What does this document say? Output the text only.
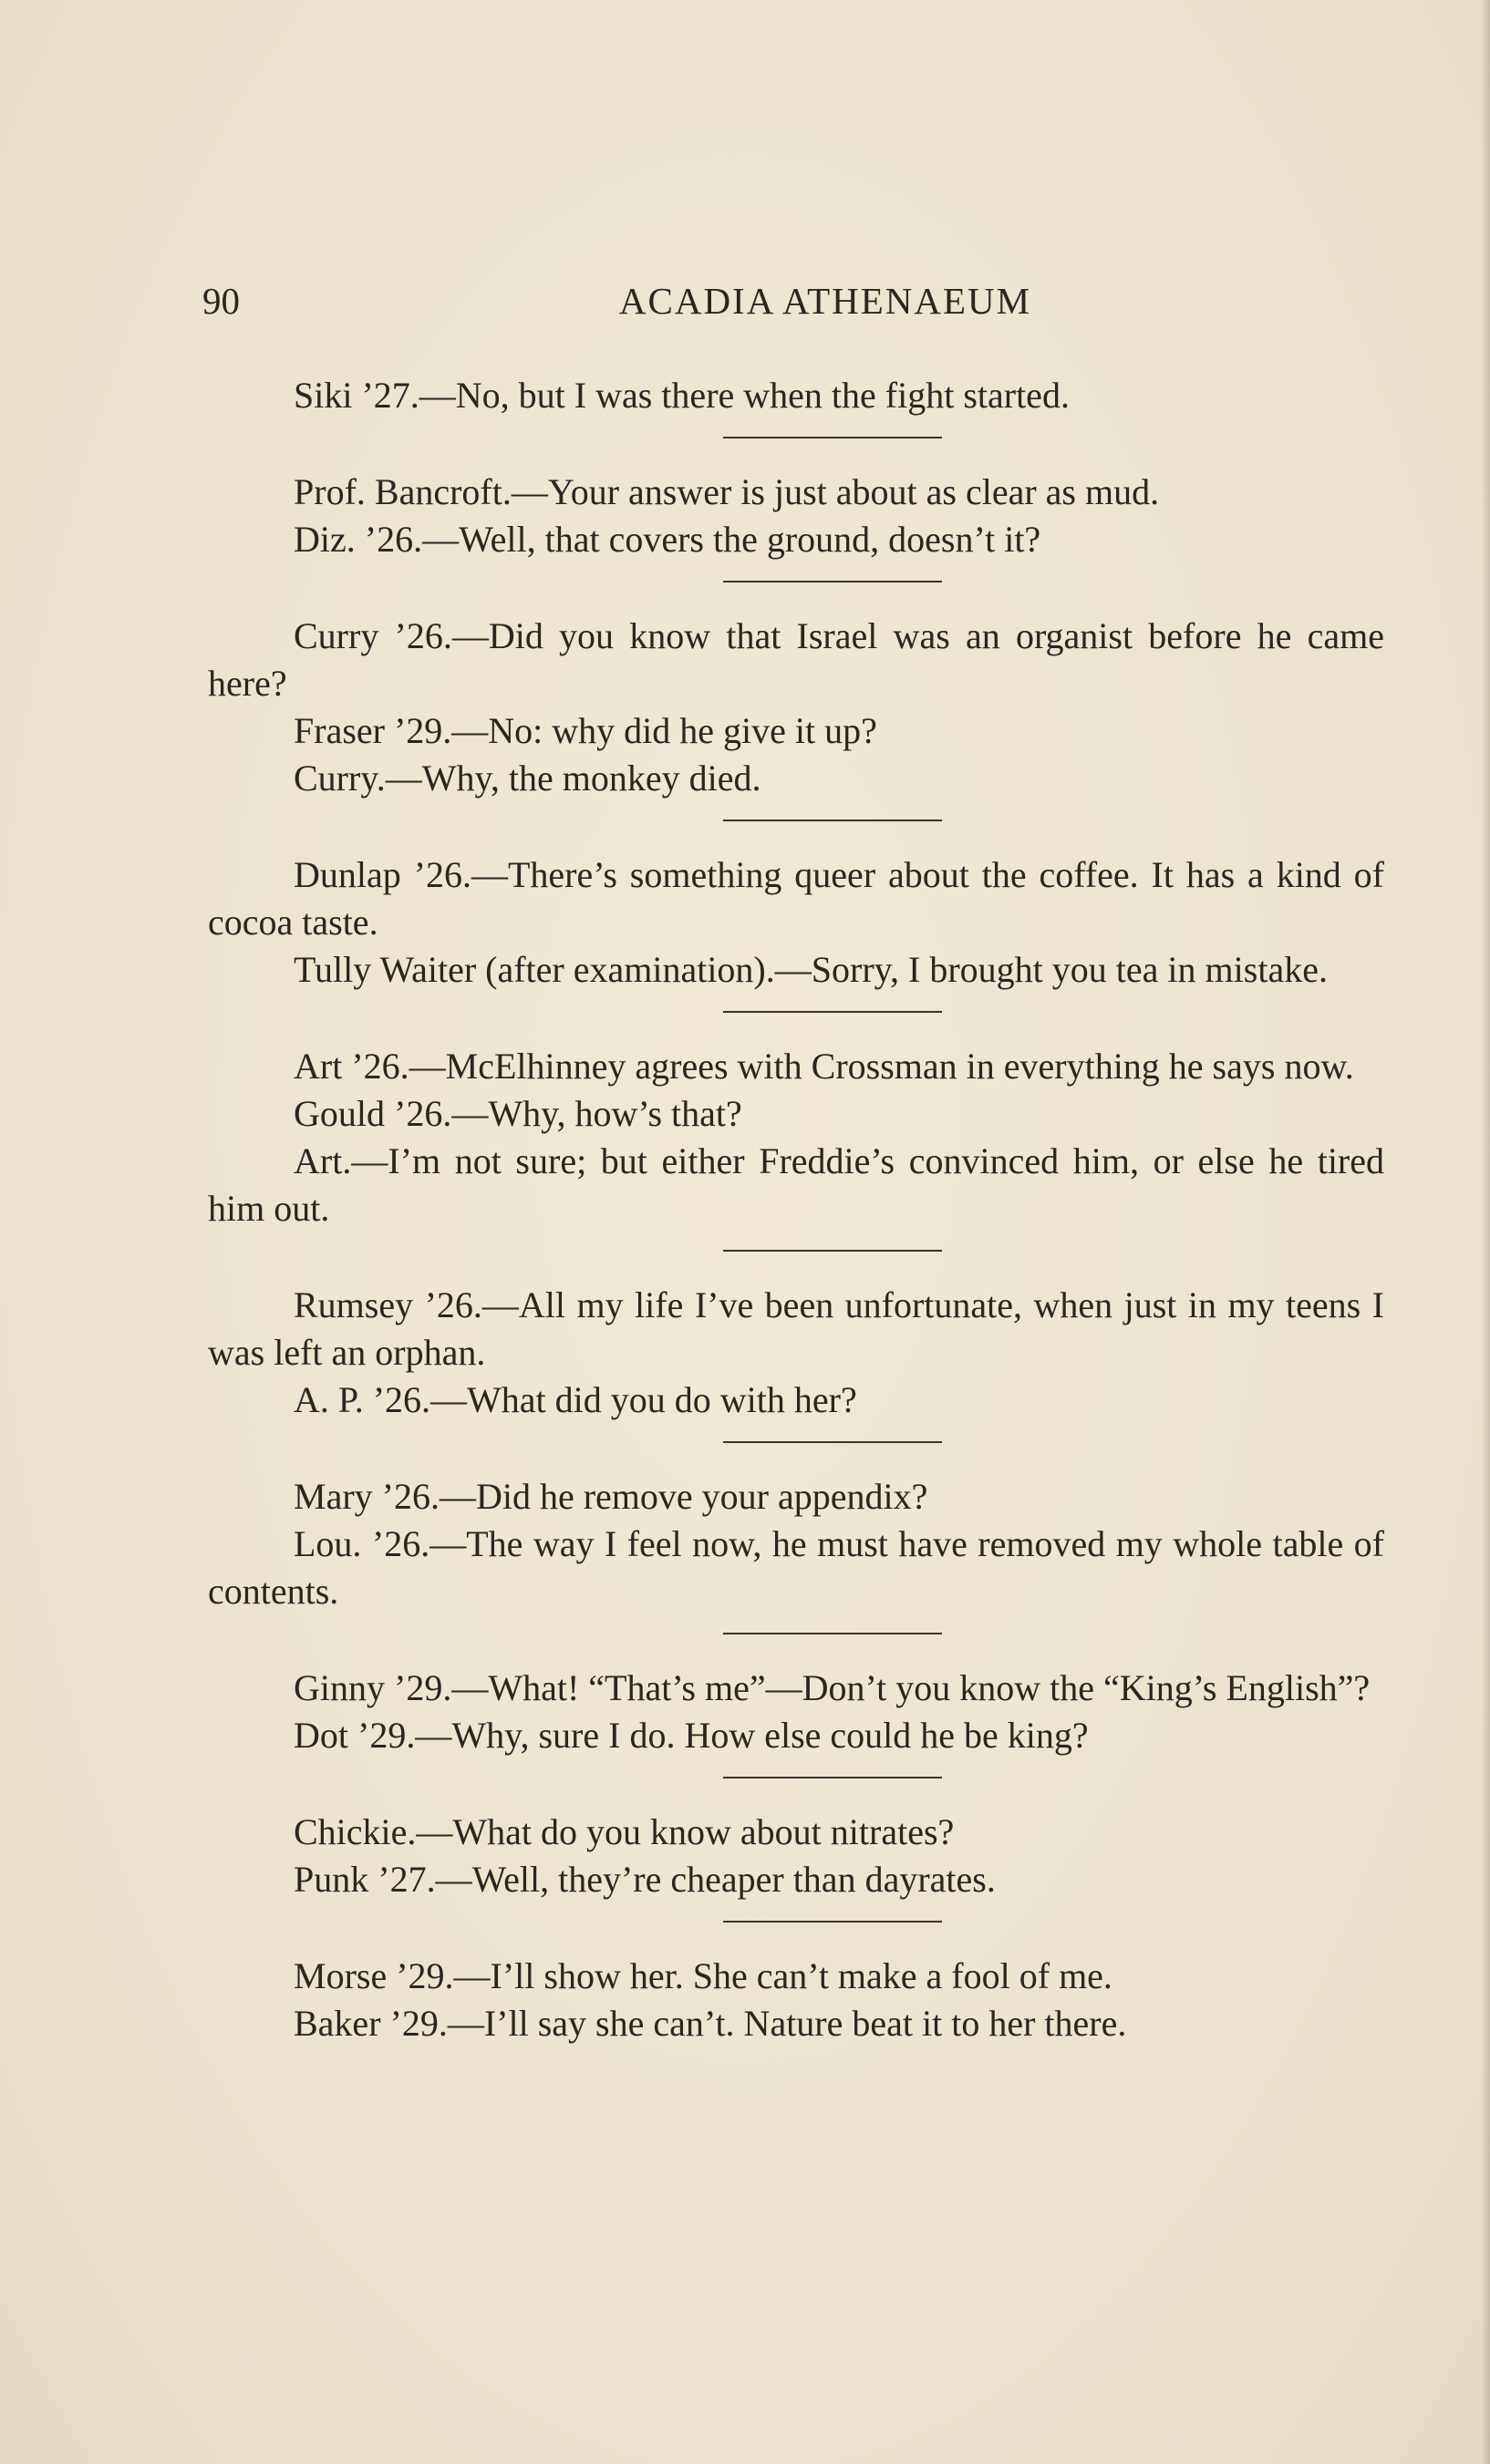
90	ACADIA ATHENAEUM

Siki ’27.—No, but I was there when the fight started.

Prof. Bancroft.—Your answer is just about as clear as mud.

Diz. ’26.—Well, that covers the ground, doesn’t it?

Curry ’26.—Did you know that Israel was an organist before he came here?

Fraser ’29.—No: why did he give it up?

Curry.—Why, the monkey died.

Dunlap ’26.—There’s something queer about the coffee. It has a kind of cocoa taste.

Tully Waiter (after examination).—Sorry, I brought you tea in mistake.

Art ’26.—McElhinney agrees with Crossman in everything he says now.

Gould ’26.—Why, how’s that?

Art.—I’m not sure; but either Freddie’s convinced him, or else he tired him out.

Rumsey ’26.—All my life I’ve been unfortunate, when just in my teens I was left an orphan.

A. P. ’26.—What did you do with her?

Mary ’26.—Did he remove your appendix?

Lou. ’26.—The way I feel now, he must have removed my whole table of contents.

Ginny ’29.—What! “That’s me”—Don’t you know the “King’s English”?

Dot ’29.—Why, sure I do. How else could he be king?

Chickie.—What do you know about nitrates?

Punk ’27.—Well, they’re cheaper than dayrates.

Morse ’29.—I’ll show her. She can’t make a fool of me.

Baker ’29.—I’ll say she can’t. Nature beat it to her there.
